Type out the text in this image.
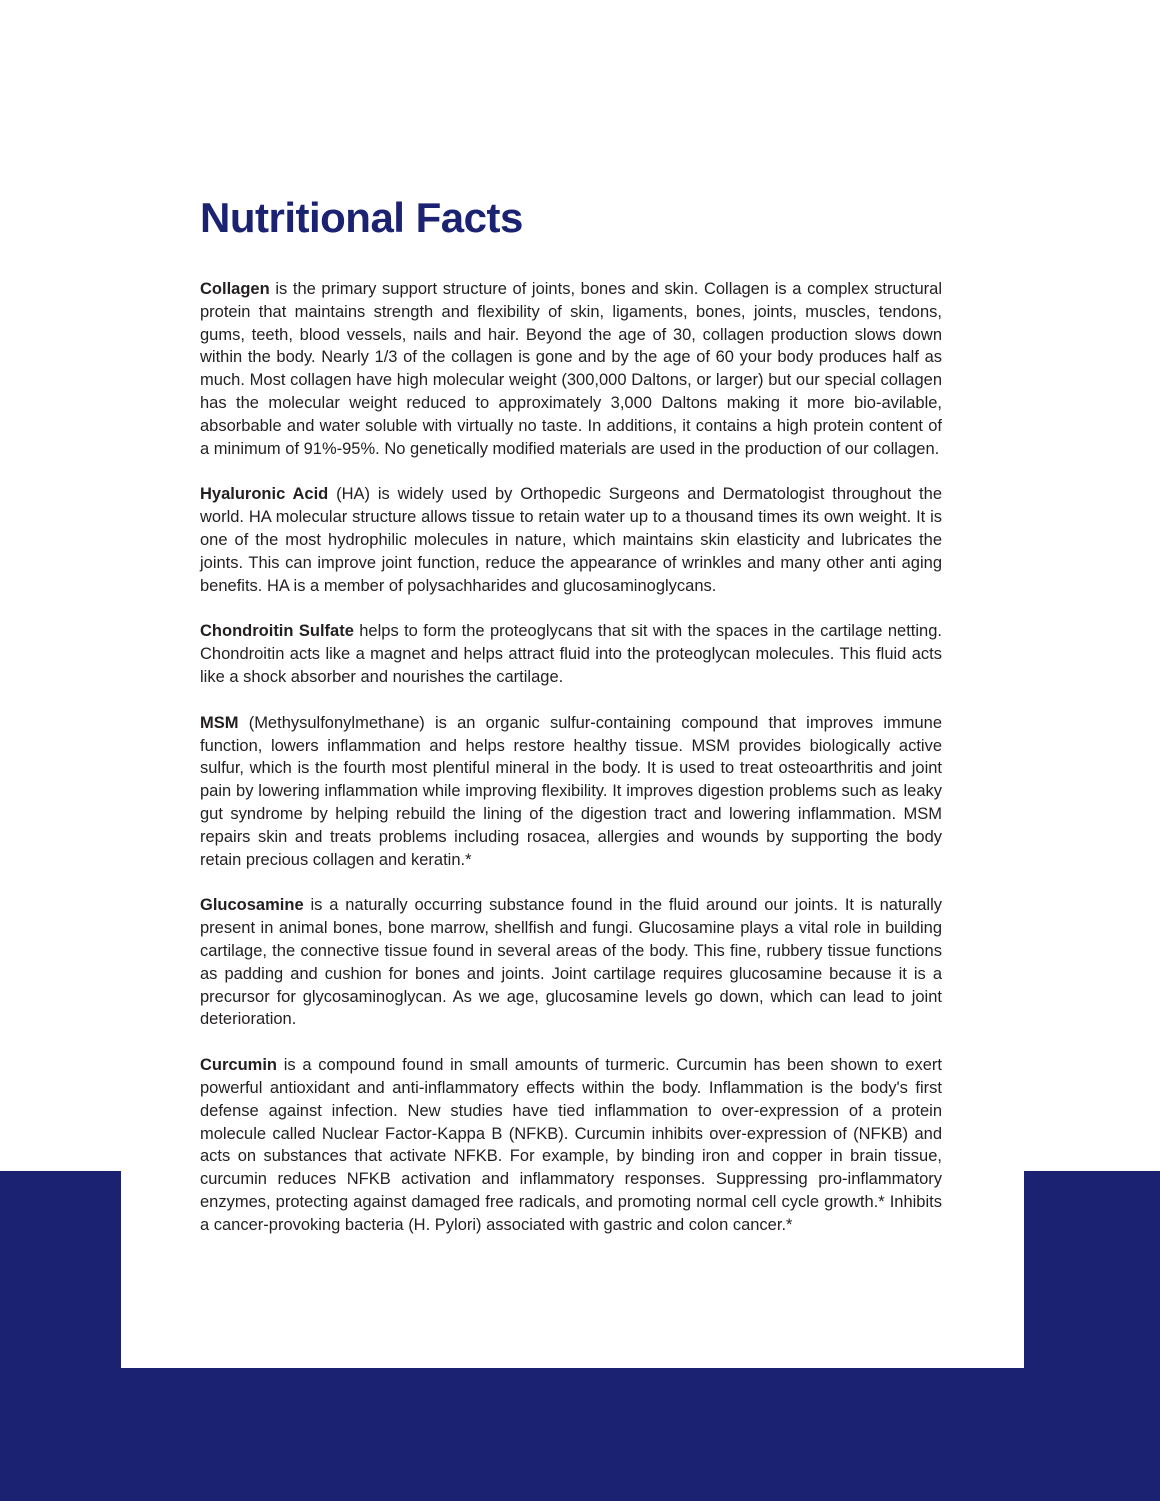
Nutritional Facts

Collagen is the primary support structure of joints, bones and skin. Collagen is a complex structural protein that maintains strength and flexibility of skin, ligaments, bones, joints, muscles, tendons, gums, teeth, blood vessels, nails and hair. Beyond the age of 30, collagen production slows down within the body. Nearly 1/3 of the collagen is gone and by the age of 60 your body produces half as much. Most collagen have high molecular weight (300,000 Daltons, or larger) but our special collagen has the molecular weight reduced to approximately 3,000 Daltons making it more bio-avilable, absorbable and water soluble with virtually no taste. In additions, it contains a high protein content of a minimum of 91%-95%. No genetically modified materials are used in the production of our collagen.

Hyaluronic Acid (HA) is widely used by Orthopedic Surgeons and Dermatologist throughout the world. HA molecular structure allows tissue to retain water up to a thousand times its own weight. It is one of the most hydrophilic molecules in nature, which maintains skin elasticity and lubricates the joints. This can improve joint function, reduce the appearance of wrinkles and many other anti aging benefits. HA is a member of polysachharides and glucosaminoglycans.

Chondroitin Sulfate helps to form the proteoglycans that sit with the spaces in the cartilage netting. Chondroitin acts like a magnet and helps attract fluid into the proteoglycan molecules. This fluid acts like a shock absorber and nourishes the cartilage.

MSM (Methysulfonylmethane) is an organic sulfur-containing compound that improves immune function, lowers inflammation and helps restore healthy tissue. MSM provides biologically active sulfur, which is the fourth most plentiful mineral in the body. It is used to treat osteoarthritis and joint pain by lowering inflammation while improving flexibility. It improves digestion problems such as leaky gut syndrome by helping rebuild the lining of the digestion tract and lowering inflammation. MSM repairs skin and treats problems including rosacea, allergies and wounds by supporting the body retain precious collagen and keratin.*

Glucosamine is a naturally occurring substance found in the fluid around our joints. It is naturally present in animal bones, bone marrow, shellfish and fungi. Glucosamine plays a vital role in building cartilage, the connective tissue found in several areas of the body. This fine, rubbery tissue functions as padding and cushion for bones and joints. Joint cartilage requires glucosamine because it is a precursor for glycosaminoglycan. As we age, glucosamine levels go down, which can lead to joint deterioration.

Curcumin is a compound found in small amounts of turmeric. Curcumin has been shown to exert powerful antioxidant and anti-inflammatory effects within the body. Inflammation is the body's first defense against infection. New studies have tied inflammation to over-expression of a protein molecule called Nuclear Factor-Kappa B (NFKB). Curcumin inhibits over-expression of (NFKB) and acts on substances that activate NFKB. For example, by binding iron and copper in brain tissue, curcumin reduces NFKB activation and inflammatory responses. Suppressing pro-inflammatory enzymes, protecting against damaged free radicals, and promoting normal cell cycle growth.* Inhibits a cancer-provoking bacteria (H. Pylori) associated with gastric and colon cancer.*
